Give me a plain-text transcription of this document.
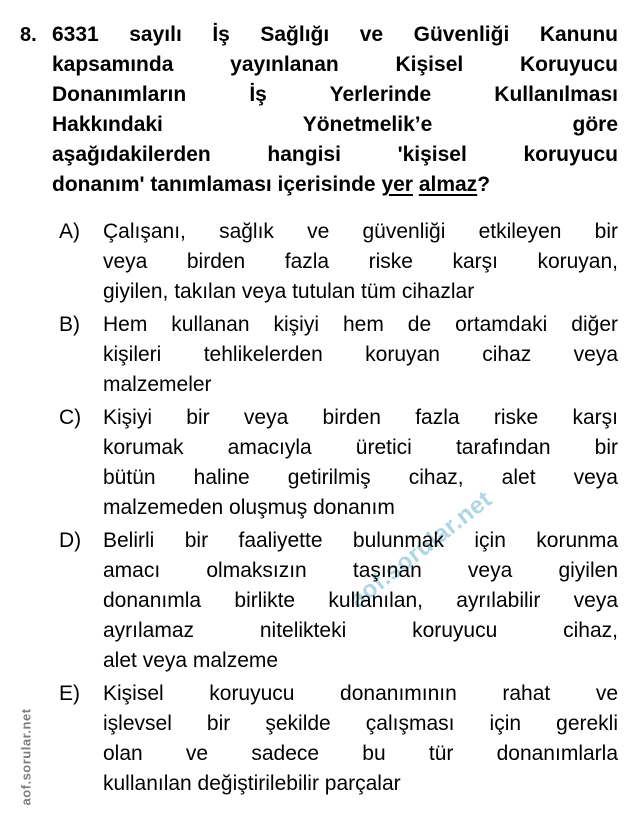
aof.sorular.net
aof.sorular.net
8. 6331 sayılı İş Sağlığı ve Güvenliği Kanunu
kapsamında yayınlanan Kişisel Koruyucu
Donanımların İş Yerlerinde Kullanılması
Hakkındaki Yönetmelik’e göre
aşağıdakilerden hangisi 'kişisel koruyucu
donanım' tanımlaması içerisinde yer almaz?
A) Çalışanı, sağlık ve güvenliği etkileyen bir
veya birden fazla riske karşı koruyan,
giyilen, takılan veya tutulan tüm cihazlar
B) Hem kullanan kişiyi hem de ortamdaki diğer
kişileri tehlikelerden koruyan cihaz veya
malzemeler
C) Kişiyi bir veya birden fazla riske karşı
korumak amacıyla üretici tarafından bir
bütün haline getirilmiş cihaz, alet veya
malzemeden oluşmuş donanım
D) Belirli bir faaliyette bulunmak için korunma
amacı olmaksızın taşınan veya giyilen
donanımla birlikte kullanılan, ayrılabilir veya
ayrılamaz nitelikteki koruyucu cihaz,
alet veya malzeme
E) Kişisel koruyucu donanımının rahat ve
işlevsel bir şekilde çalışması için gerekli
olan ve sadece bu tür donanımlarla
kullanılan değiştirilebilir parçalar
